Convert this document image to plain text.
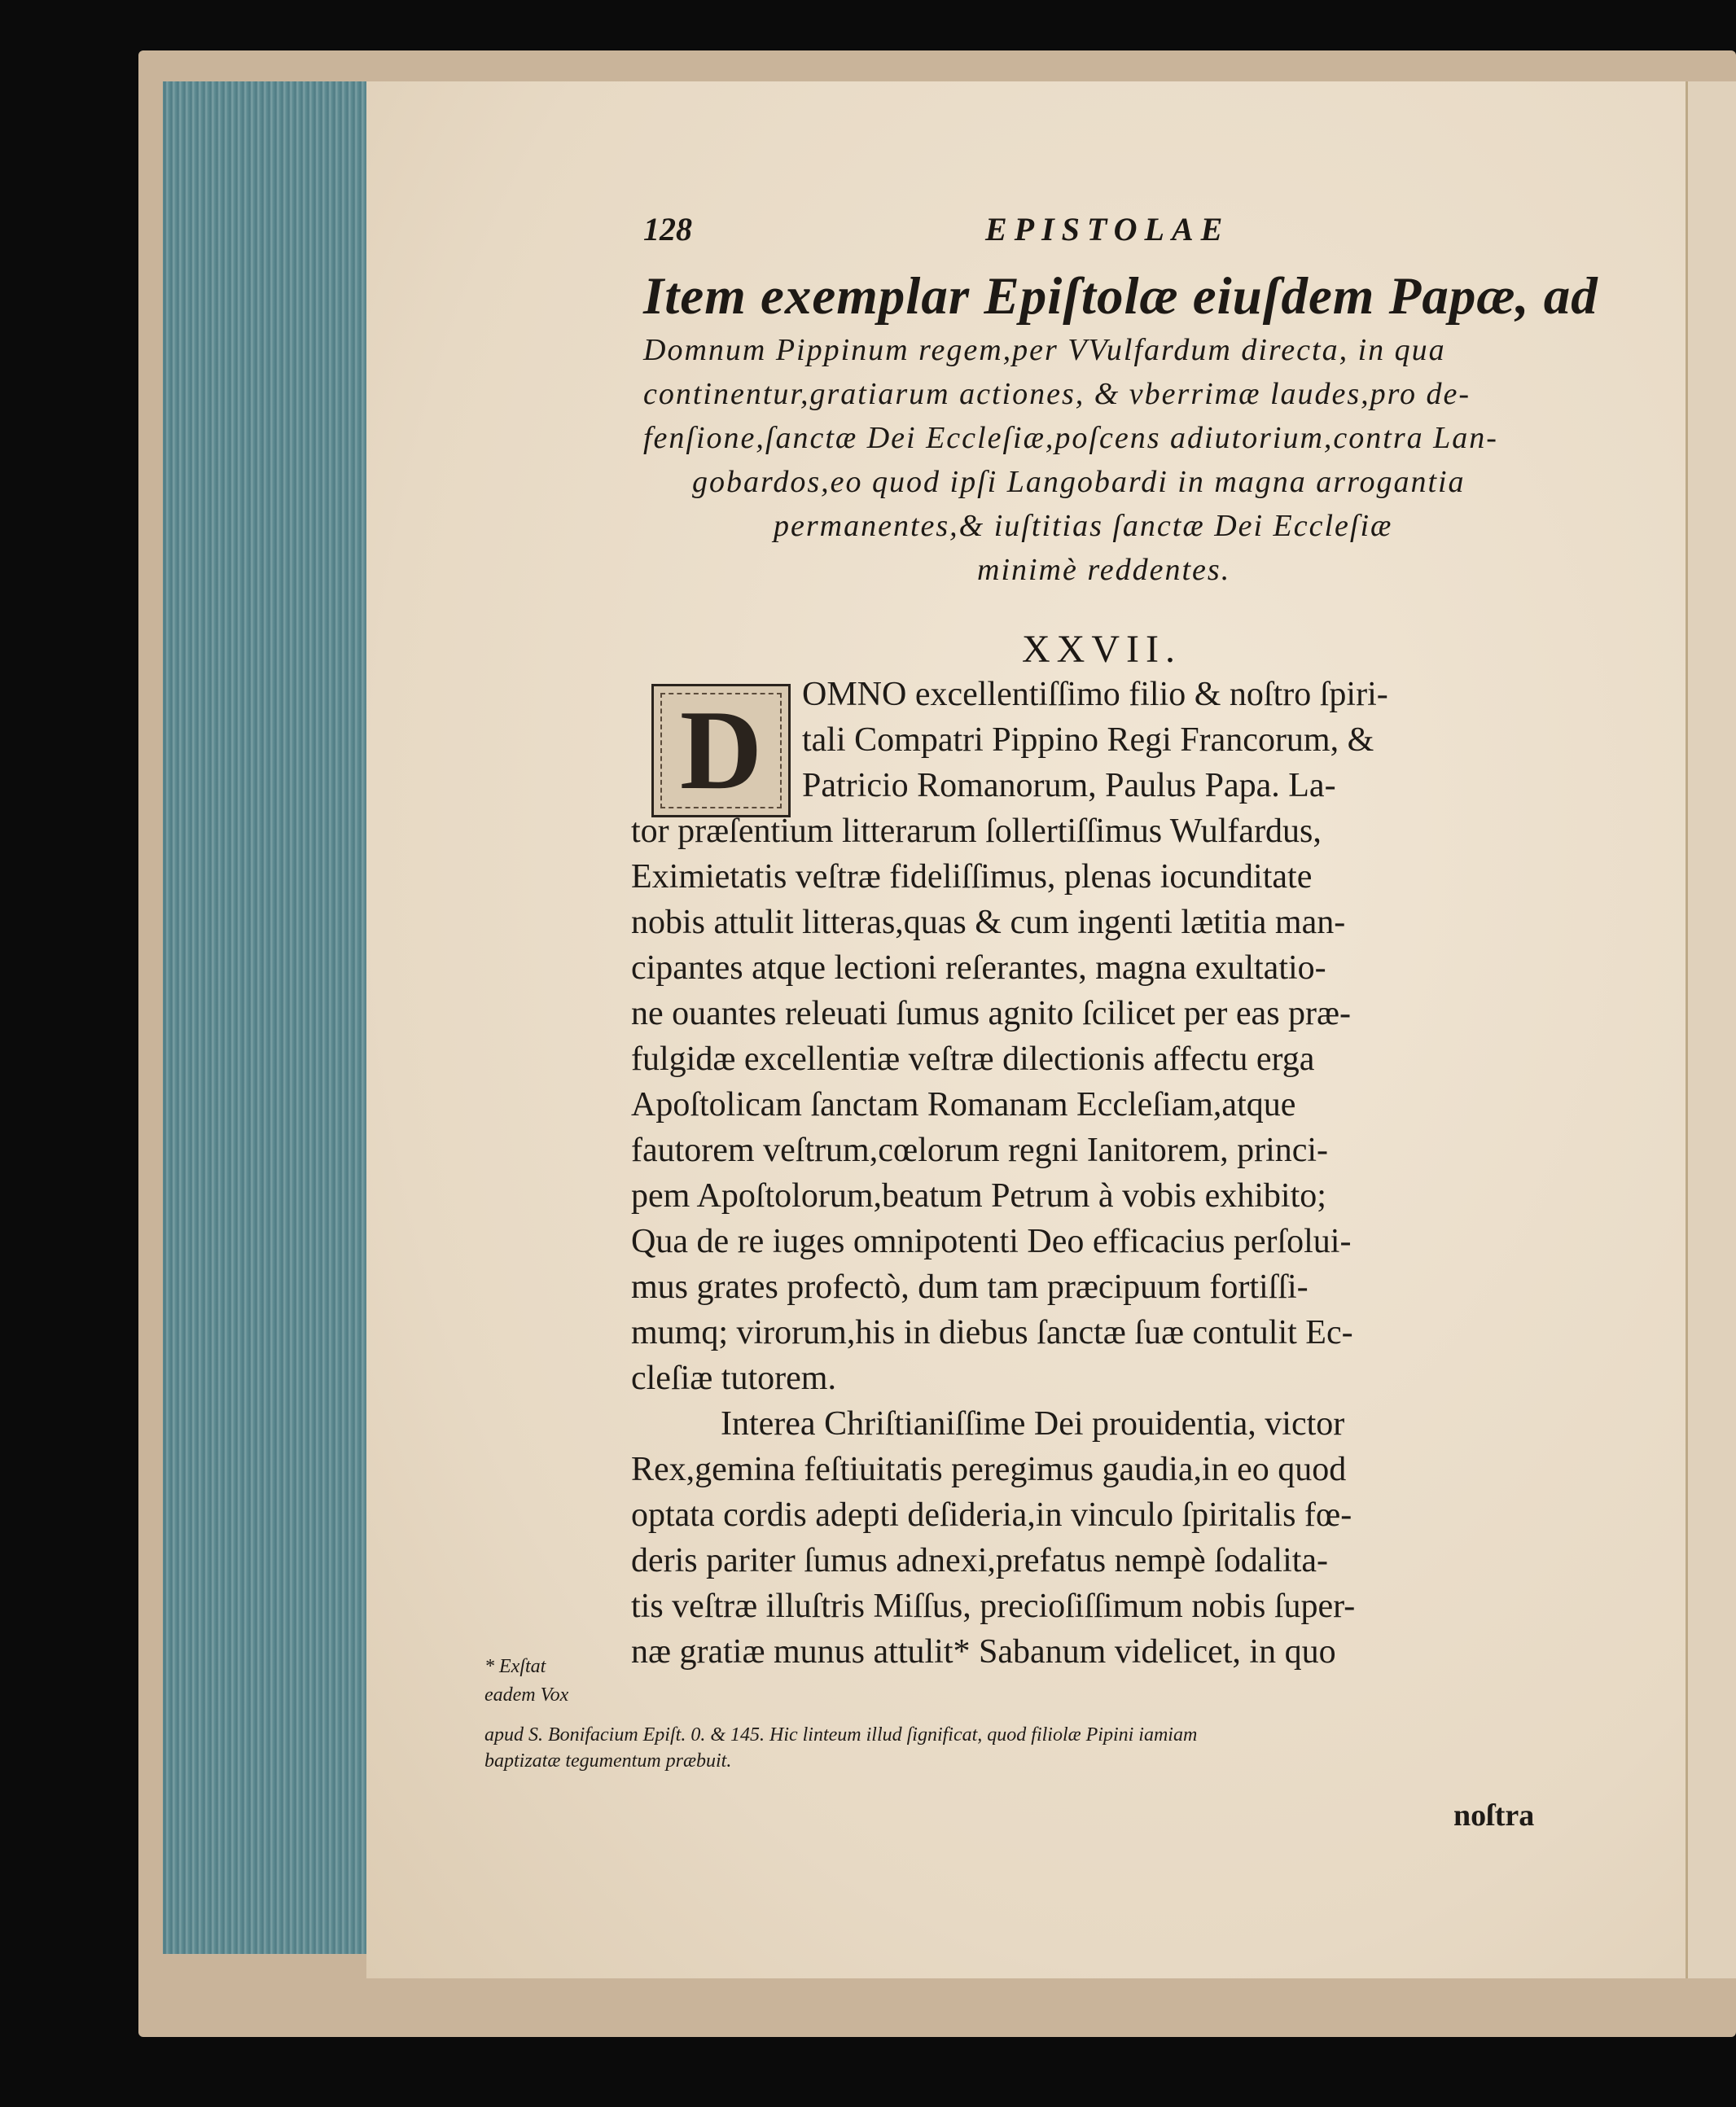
128	EPISTOLAE
Item exemplar Epiſtolæ eiuſdem Papæ, ad
Domnum Pippinum regem,per VVulfardum directa, in qua
continentur,gratiarum actiones, & vberrimæ laudes,pro de-
fenſione,ſanctæ Dei Eccleſiæ,poſcens adiutorium,contra Lan-
gobardos,eo quod ipſi Langobardi in magna arrogantia
permanentes,& iuſtitias ſanctæ Dei Eccleſiæ
minimè reddentes.
XXVII.
D	OMNO excellentiſſimo filio & noſtro ſpiri-
tali Compatri Pippino Regi Francorum, &
Patricio Romanorum, Paulus Papa. La-
tor præſentium litterarum ſollertiſſimus Wulfardus,
Eximietatis veſtræ fideliſſimus, plenas iocunditate
nobis attulit litteras,quas & cum ingenti lætitia man-
cipantes atque lectioni reſerantes, magna exultatio-
ne ouantes releuati ſumus agnito ſcilicet per eas præ-
fulgidæ excellentiæ veſtræ dilectionis affectu erga
Apoſtolicam ſanctam Romanam Eccleſiam,atque
fautorem veſtrum,cœlorum regni Ianitorem, princi-
pem Apoſtolorum,beatum Petrum à vobis exhibito;
Qua de re iuges omnipotenti Deo efficacius perſolui-
mus grates profectò, dum tam præcipuum fortiſſi-
mumq; virorum,his in diebus ſanctæ ſuæ contulit Ec-
cleſiæ tutorem.
Interea Chriſtianiſſime Dei prouidentia, victor
Rex,gemina feſtiuitatis peregimus gaudia,in eo quod
optata cordis adepti deſideria,in vinculo ſpiritalis fœ-
deris pariter ſumus adnexi,prefatus nempè ſodalita-
tis veſtræ illuſtris Miſſus, precioſiſſimum nobis ſuper-
næ gratiæ munus attulit* Sabanum videlicet, in quo
* Exſtat
eadem Vox
apud S. Bonifacium Epiſt. 0. & 145. Hic linteum illud ſignificat, quod filiolæ Pipini iamiam
baptizatæ tegumentum præbuit.
noſtra
